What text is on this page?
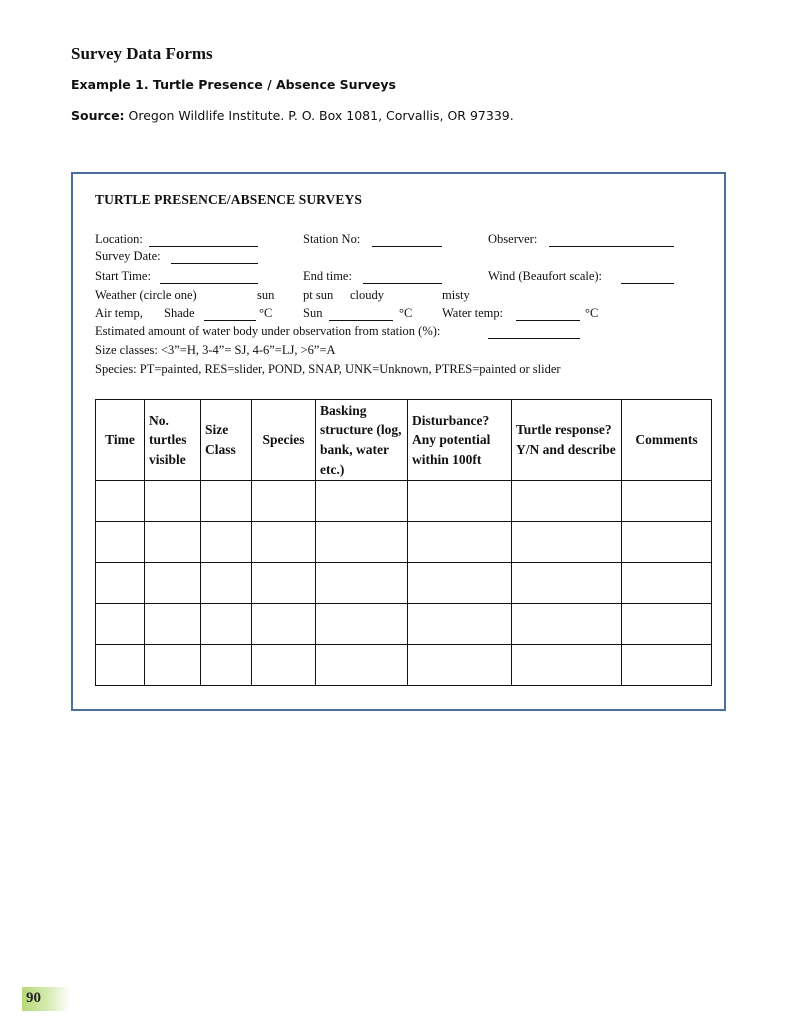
Survey Data Forms
Example 1. Turtle Presence / Absence Surveys
Source: Oregon Wildlife Institute. P. O. Box 1081, Corvallis, OR 97339.
TURTLE PRESENCE/ABSENCE SURVEYS
Location:	Station No:	Observer:
Survey Date:
Start Time:	End time:	Wind (Beaufort scale):
Weather (circle one)	sun pt sun cloudy	misty
Air temp, Shade	°C Sun	°C Water temp:	°C
Estimated amount of water body under observation from station (%):
Size classes: <3”=H, 3-4”= SJ, 4-6”=LJ, >6”=A
Species: PT=painted, RES=slider, POND, SNAP, UNK=Unknown, PTRES=painted or slider
Time	No. turtles visible	Size Class	Species	Basking structure (log, bank, water etc.)	Disturbance? Any potential within 100ft	Turtle response? Y/N and describe	Comments

90
